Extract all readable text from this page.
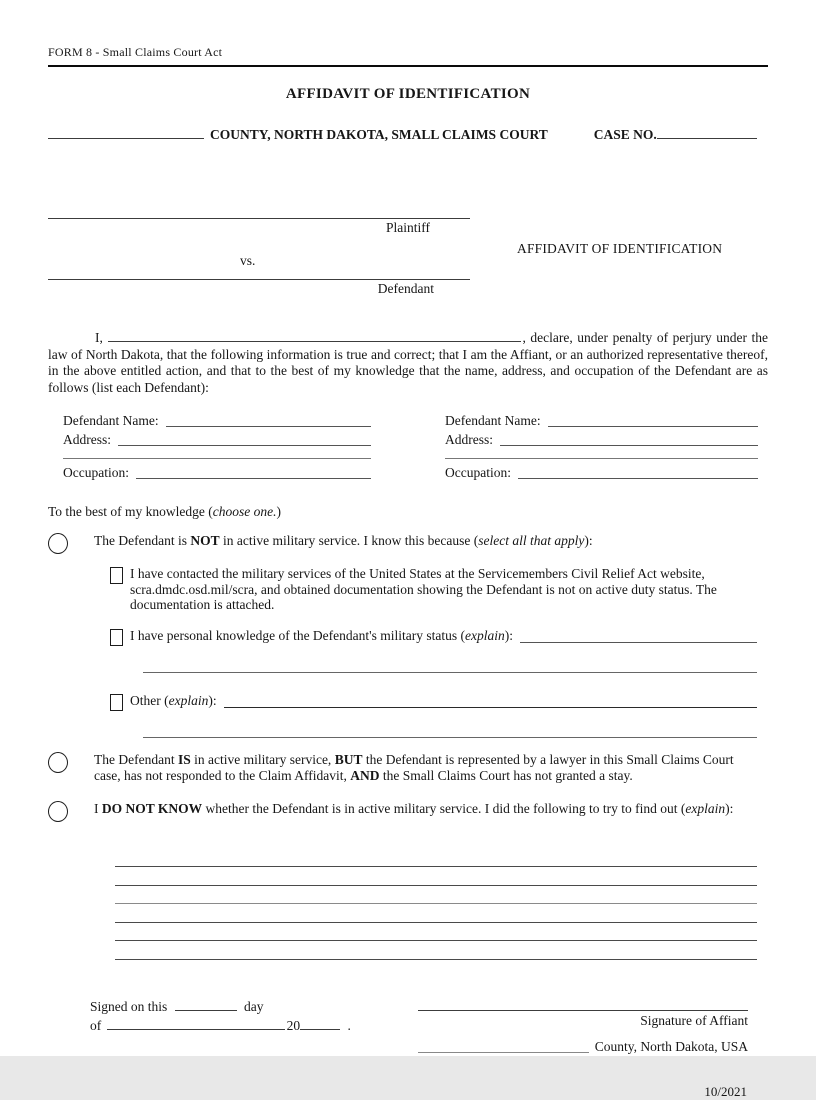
FORM 8 - Small Claims Court Act
AFFIDAVIT OF IDENTIFICATION
COUNTY, NORTH DAKOTA, SMALL CLAIMS COURT	CASE NO.
Plaintiff
vs.
Defendant
AFFIDAVIT OF IDENTIFICATION
I,	, declare, under penalty of perjury under the law of North Dakota, that the following information is true and correct; that I am the Affiant, or an authorized representative thereof, in the above entitled action, and that to the best of my knowledge that the name, address, and occupation of the Defendant are as follows (list each Defendant):
Defendant Name:
Address:
Occupation:
Defendant Name:
Address:
Occupation:
To the best of my knowledge (choose one.)
The Defendant is NOT in active military service. I know this because (select all that apply):
I have contacted the military services of the United States at the Servicemembers Civil Relief Act website, scra.dmdc.osd.mil/scra, and obtained documentation showing the Defendant is not on active duty status. The documentation is attached.
I have personal knowledge of the Defendant's military status (explain):
Other (explain):
The Defendant IS in active military service, BUT the Defendant is represented by a lawyer in this Small Claims Court case, has not responded to the Claim Affidavit, AND the Small Claims Court has not granted a stay.
I DO NOT KNOW whether the Defendant is in active military service. I did the following to try to find out (explain):
Signed on this	day
of	20	.	Signature of Affiant
County, North Dakota, USA
10/2021
